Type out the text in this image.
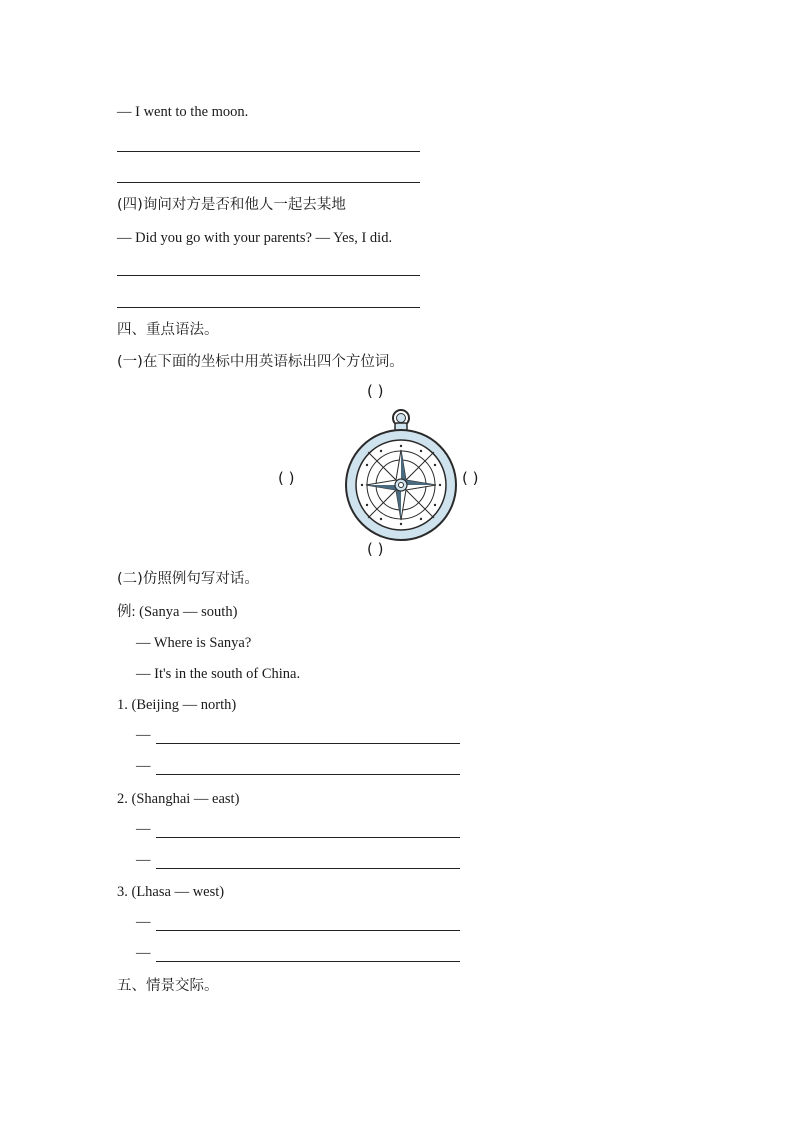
— I went to the moon.
(四)询问对方是否和他人一起去某地
— Did you go with your parents? — Yes, I did.
四、重点语法。
(一)在下面的坐标中用英语标出四个方位词。
( )
( )	( )
( )
(二)仿照例句写对话。
例: (Sanya — south)
— Where is Sanya?
— It's in the south of China.
1. (Beijing — north)
—
—
2. (Shanghai — east)
—
—
3. (Lhasa — west)
—
—
五、情景交际。
